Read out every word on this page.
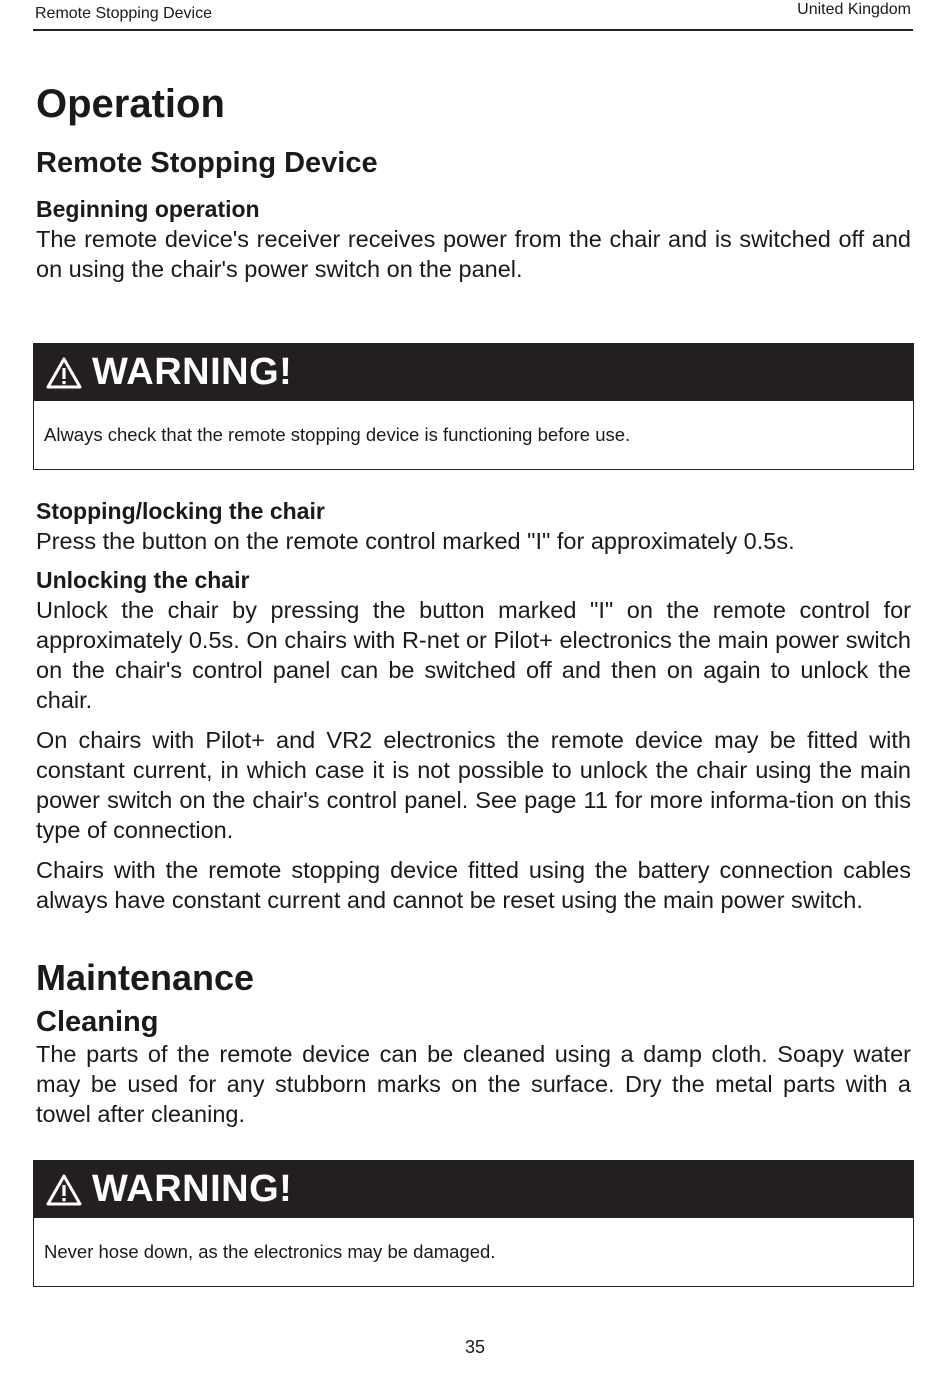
Remote Stopping Device	United Kingdom
Operation
Remote Stopping Device
Beginning operation

The remote device's receiver receives power from the chair and is switched off and on using the chair's power switch on the panel.

WARNING!
Always check that the remote stopping device is functioning before use.
Stopping/locking the chair

Press the button on the remote control marked "I" for approximately 0.5s.

Unlocking the chair

Unlock the chair by pressing the button marked "I" on the remote control for approximately 0.5s. On chairs with R-net or Pilot+ electronics the main power switch on the chair's control panel can be switched off and then on again to unlock the chair.

On chairs with Pilot+ and VR2 electronics the remote device may be fitted with constant current, in which case it is not possible to unlock the chair using the main power switch on the chair's control panel. See page 11 for more informa-tion on this type of connection.

Chairs with the remote stopping device fitted using the battery connection cables always have constant current and cannot be reset using the main power switch.

Maintenance
Cleaning

The parts of the remote device can be cleaned using a damp cloth. Soapy water may be used for any stubborn marks on the surface. Dry the metal parts with a towel after cleaning.

WARNING!
Never hose down, as the electronics may be damaged.
35
